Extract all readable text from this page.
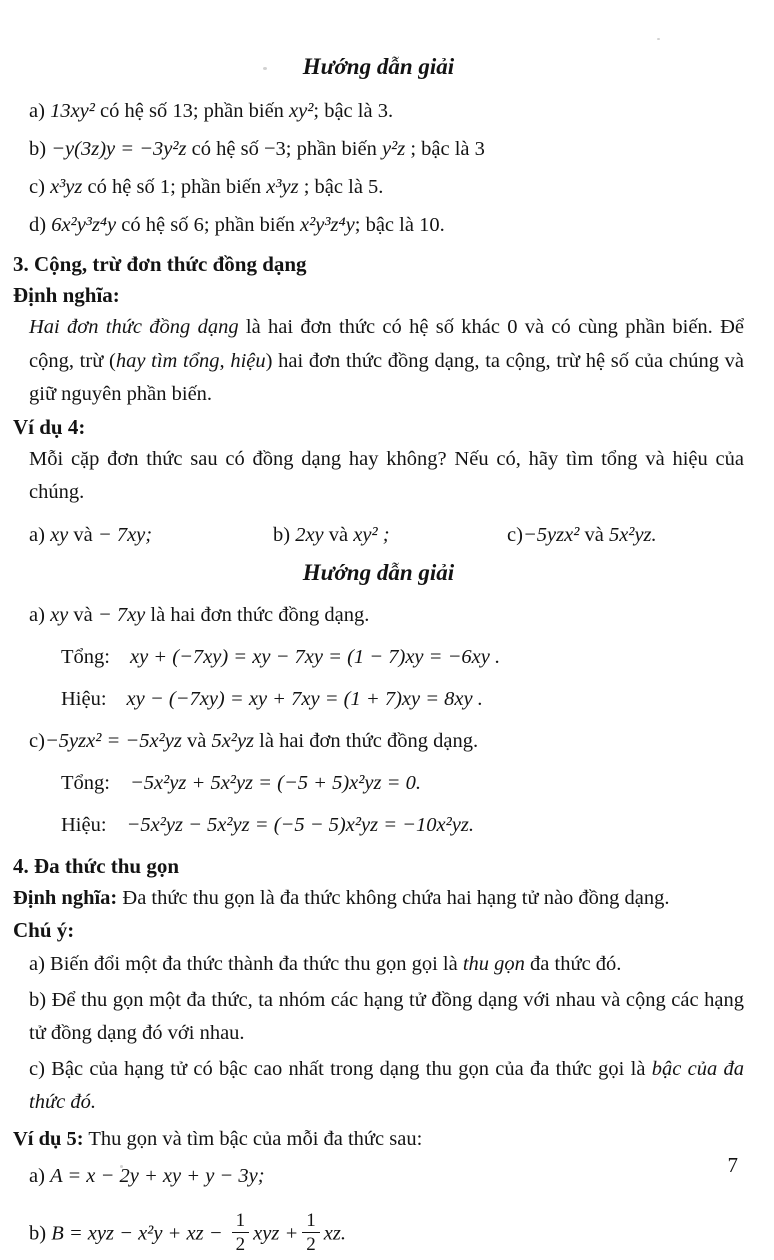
Hướng dẫn giải
a) 13xy² có hệ số 13; phần biến xy²; bậc là 3.
b) −y(3z)y = −3y²z có hệ số −3; phần biến y²z ; bậc là 3
c) x³yz có hệ số 1; phần biến x³yz ; bậc là 5.
d) 6x²y³z⁴y có hệ số 6; phần biến x²y³z⁴y; bậc là 10.
3. Cộng, trừ đơn thức đồng dạng
Định nghĩa:
Hai đơn thức đồng dạng là hai đơn thức có hệ số khác 0 và có cùng phần biến. Để cộng, trừ (hay tìm tổng, hiệu) hai đơn thức đồng dạng, ta cộng, trừ hệ số của chúng và giữ nguyên phần biến.
Ví dụ 4:
Mỗi cặp đơn thức sau có đồng dạng hay không? Nếu có, hãy tìm tổng và hiệu của chúng.
a) xy và − 7xy;	b) 2xy và xy² ;	c)−5yzx² và 5x²yz.
Hướng dẫn giải
a) xy và − 7xy là hai đơn thức đồng dạng.
Tổng: xy + (−7xy) = xy − 7xy = (1 − 7)xy = −6xy .
Hiệu: xy − (−7xy) = xy + 7xy = (1 + 7)xy = 8xy .
c)−5yzx² = −5x²yz và 5x²yz là hai đơn thức đồng dạng.
Tổng: −5x²yz + 5x²yz = (−5 + 5)x²yz = 0.
Hiệu: −5x²yz − 5x²yz = (−5 − 5)x²yz = −10x²yz.
4. Đa thức thu gọn
Định nghĩa: Đa thức thu gọn là đa thức không chứa hai hạng tử nào đồng dạng.
Chú ý:
a) Biến đổi một đa thức thành đa thức thu gọn gọi là thu gọn đa thức đó.
b) Để thu gọn một đa thức, ta nhóm các hạng tử đồng dạng với nhau và cộng các hạng tử đồng dạng đó với nhau.
c) Bậc của hạng tử có bậc cao nhất trong dạng thu gọn của đa thức gọi là bậc của đa thức đó.
Ví dụ 5: Thu gọn và tìm bậc của mỗi đa thức sau:
a) A = x − 2y + xy + y − 3y;
b) B = xyz − x²y + xz − $\frac{1}{2}$ xyz + $\frac{1}{2}$ xz.
7
